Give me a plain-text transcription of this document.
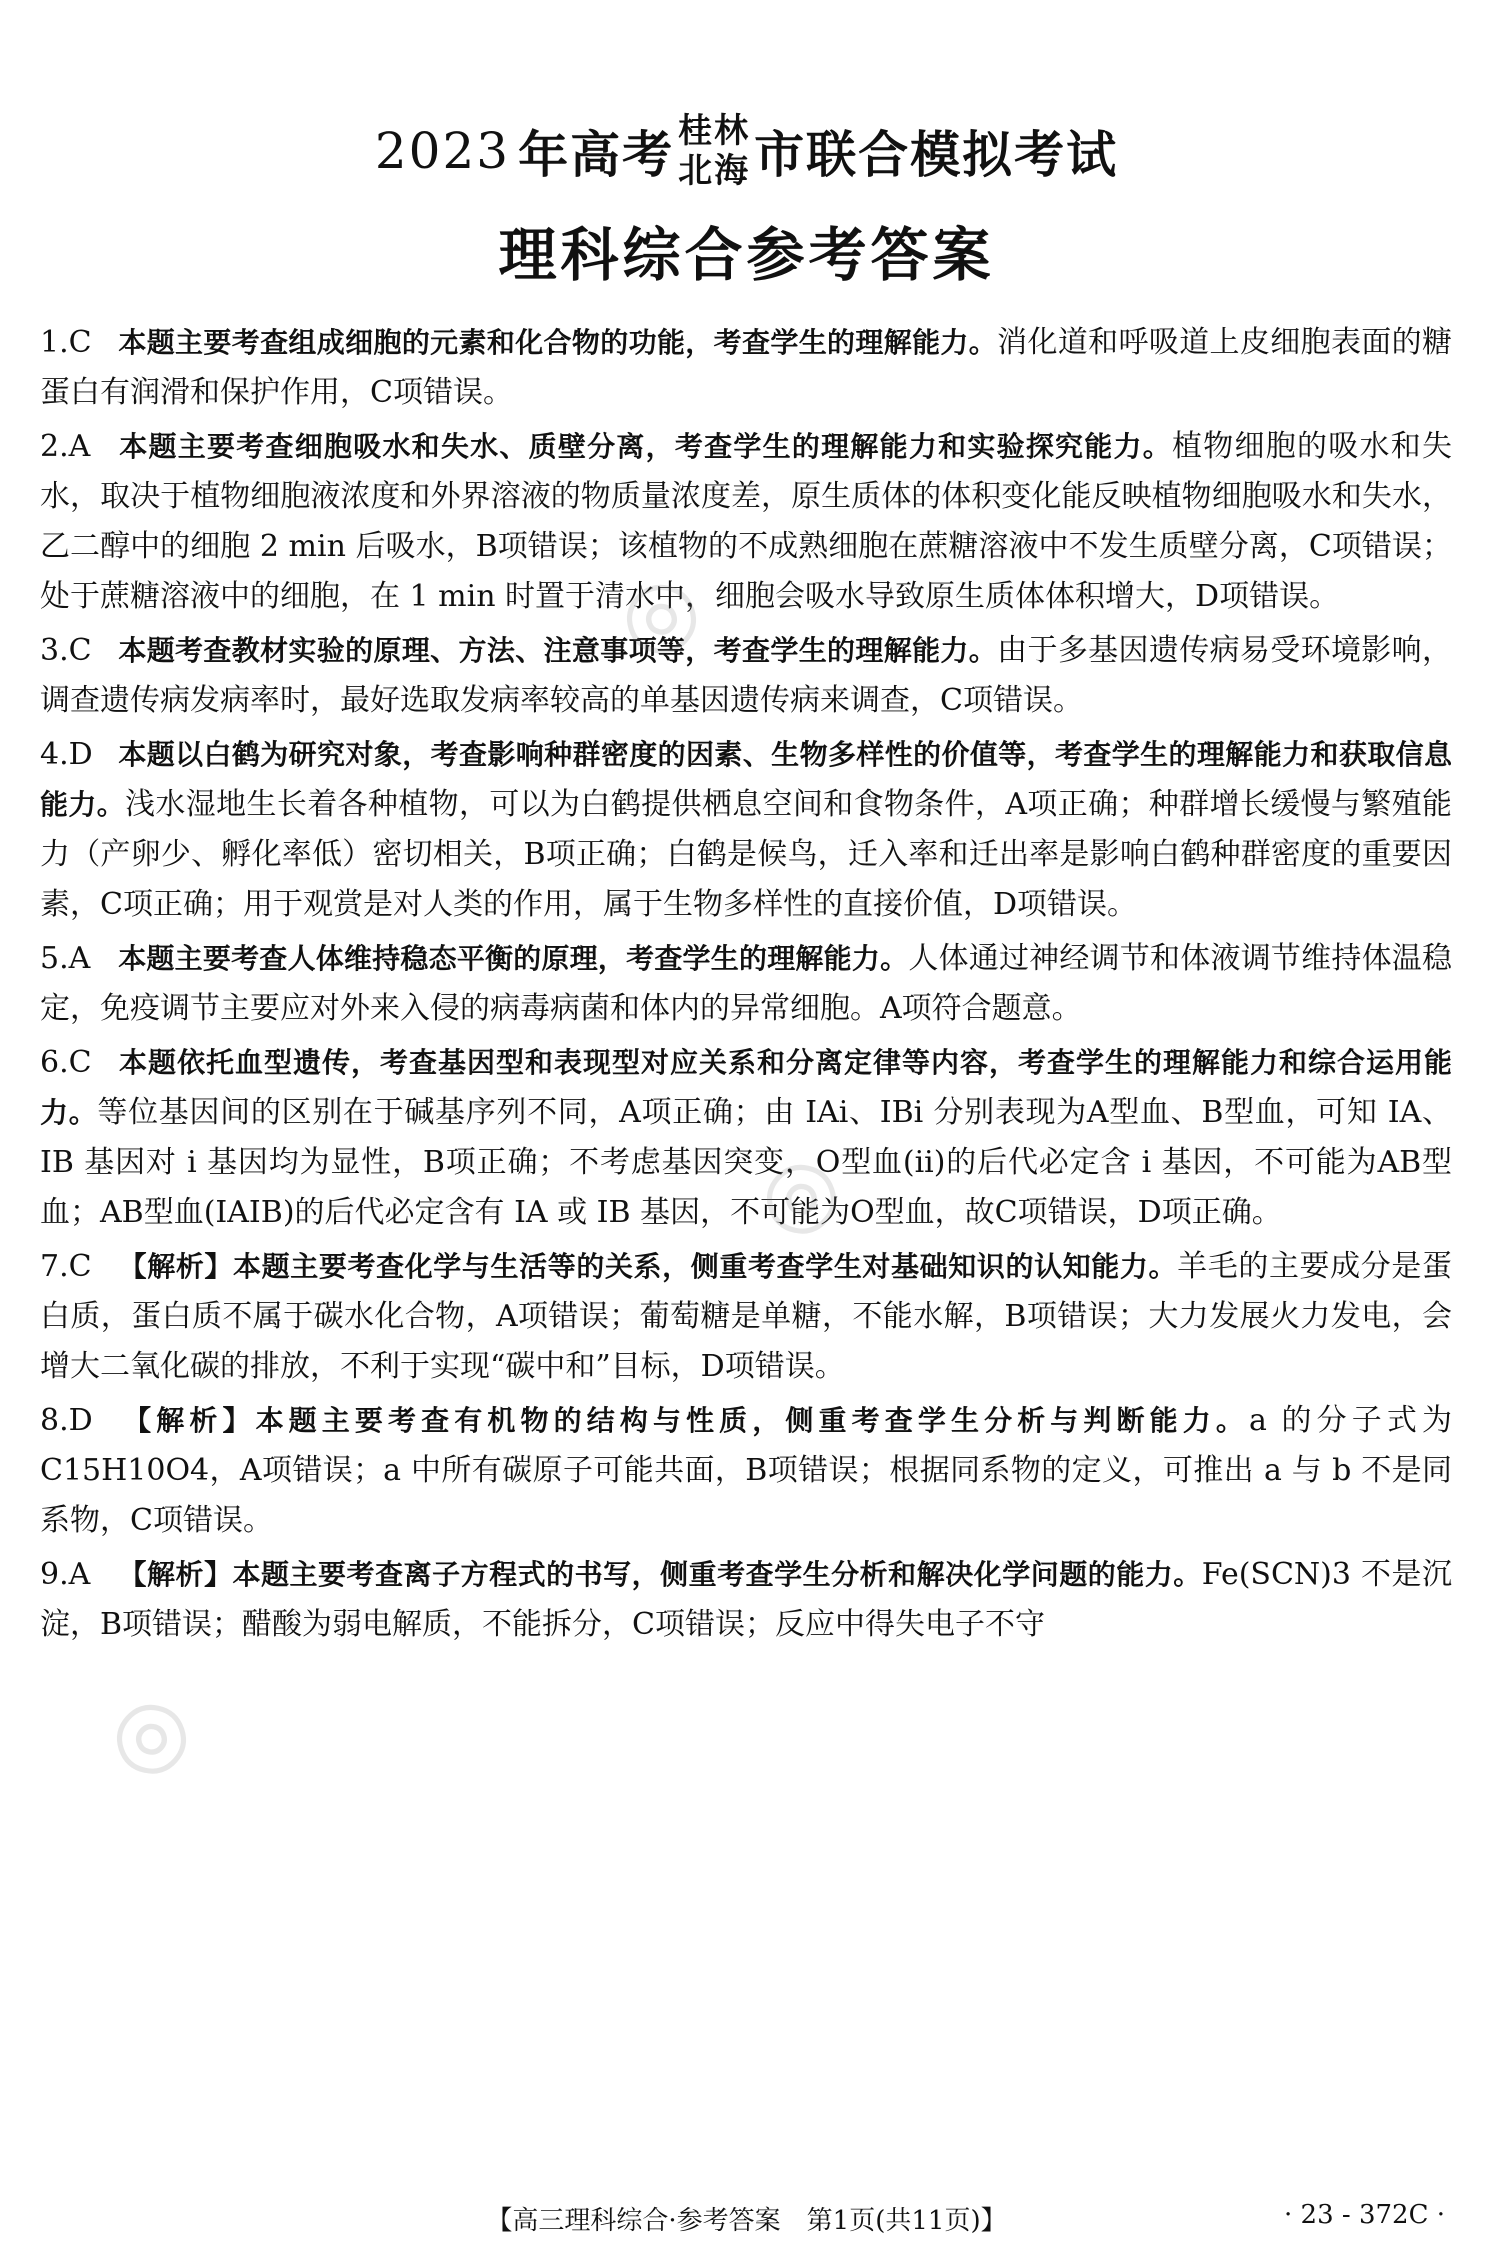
2023 年高考 桂林
北海 市联合模拟考试
理科综合参考答案
1.C 本题主要考查组成细胞的元素和化合物的功能，考查学生的理解能力。消化道和呼吸道上皮细胞表面的糖蛋白有润滑和保护作用，C项错误。
2.A 本题主要考查细胞吸水和失水、质壁分离，考查学生的理解能力和实验探究能力。植物细胞的吸水和失水，取决于植物细胞液浓度和外界溶液的物质量浓度差，原生质体的体积变化能反映植物细胞吸水和失水，乙二醇中的细胞 2 min 后吸水，B项错误；该植物的不成熟细胞在蔗糖溶液中不发生质壁分离，C项错误；处于蔗糖溶液中的细胞，在 1 min 时置于清水中，细胞会吸水导致原生质体体积增大，D项错误。
3.C 本题考查教材实验的原理、方法、注意事项等，考查学生的理解能力。由于多基因遗传病易受环境影响，调查遗传病发病率时，最好选取发病率较高的单基因遗传病来调查，C项错误。
4.D 本题以白鹤为研究对象，考查影响种群密度的因素、生物多样性的价值等，考查学生的理解能力和获取信息能力。浅水湿地生长着各种植物，可以为白鹤提供栖息空间和食物条件，A项正确；种群增长缓慢与繁殖能力（产卵少、孵化率低）密切相关，B项正确；白鹤是候鸟，迁入率和迁出率是影响白鹤种群密度的重要因素，C项正确；用于观赏是对人类的作用，属于生物多样性的直接价值，D项错误。
5.A 本题主要考查人体维持稳态平衡的原理，考查学生的理解能力。人体通过神经调节和体液调节维持体温稳定，免疫调节主要应对外来入侵的病毒病菌和体内的异常细胞。A项符合题意。
6.C 本题依托血型遗传，考查基因型和表现型对应关系和分离定律等内容，考查学生的理解能力和综合运用能力。等位基因间的区别在于碱基序列不同，A项正确；由 IAi、IBi 分别表现为A型血、B型血，可知 IA、IB 基因对 i 基因均为显性，B项正确；不考虑基因突变，O型血(ii)的后代必定含 i 基因，不可能为AB型血；AB型血(IAIB)的后代必定含有 IA 或 IB 基因，不可能为O型血，故C项错误，D项正确。
7.C 【解析】本题主要考查化学与生活等的关系，侧重考查学生对基础知识的认知能力。羊毛的主要成分是蛋白质，蛋白质不属于碳水化合物，A项错误；葡萄糖是单糖，不能水解，B项错误；大力发展火力发电，会增大二氧化碳的排放，不利于实现“碳中和”目标，D项错误。
8.D 【解析】本题主要考查有机物的结构与性质，侧重考查学生分析与判断能力。a 的分子式为 C15H10O4，A项错误；a 中所有碳原子可能共面，B项错误；根据同系物的定义，可推出 a 与 b 不是同系物，C项错误。
9.A 【解析】本题主要考查离子方程式的书写，侧重考查学生分析和解决化学问题的能力。Fe(SCN)3 不是沉淀，B项错误；醋酸为弱电解质，不能拆分，C项错误；反应中得失电子不守
◎
◎
◎
【高三理科综合·参考答案　第1页(共11页)】	· 23 - 372C ·
